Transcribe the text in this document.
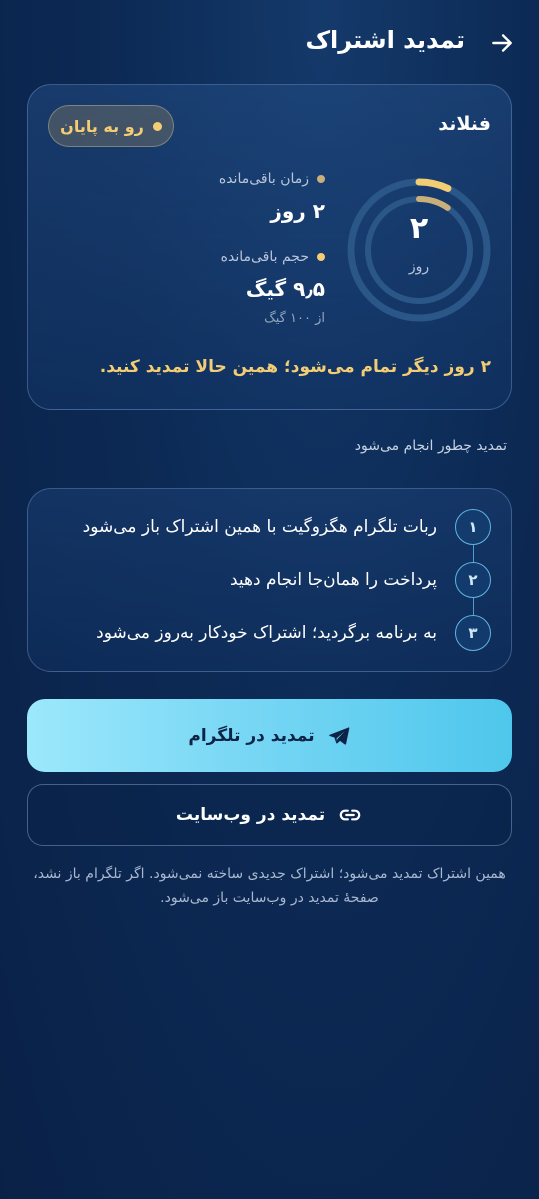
تمدید اشتراک
فنلاند
رو به پایان
۲
روز
زمان باقی‌مانده
۲ روز
حجم باقی‌مانده
۹٫۵ گیگ
از ۱۰۰ گیگ
۲ روز دیگر تمام می‌شود؛ همین حالا تمدید کنید.
تمدید چطور انجام می‌شود
۱
ربات تلگرام هگزوگیت با همین اشتراک باز می‌شود
۲
پرداخت را همان‌جا انجام دهید
۳
به برنامه برگردید؛ اشتراک خودکار به‌روز می‌شود
تمدید در تلگرام
تمدید در وب‌سایت
همین اشتراک تمدید می‌شود؛ اشتراک جدیدی ساخته نمی‌شود. اگر تلگرام باز نشد، صفحهٔ تمدید در وب‌سایت باز می‌شود.
